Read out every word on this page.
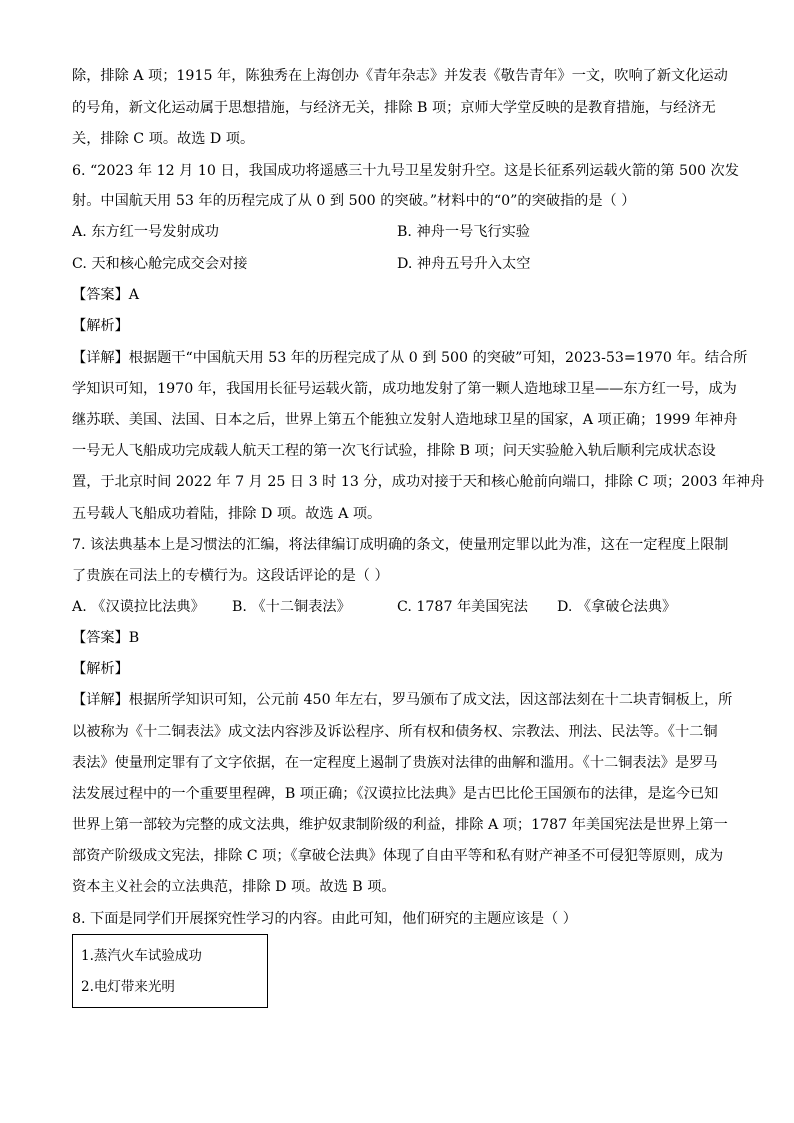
除，排除 A 项；1915 年，陈独秀在上海创办《青年杂志》并发表《敬告青年》一文，吹响了新文化运动
的号角，新文化运动属于思想措施，与经济无关，排除 B 项；京师大学堂反映的是教育措施，与经济无
关，排除 C 项。故选 D 项。
6. “2023 年 12 月 10 日，我国成功将遥感三十九号卫星发射升空。这是长征系列运载火箭的第 500 次发
射。中国航天用 53 年的历程完成了从 0 到 500 的突破。”材料中的“0”的突破指的是（ ）
A. 东方红一号发射成功	B. 神舟一号飞行实验
C. 天和核心舱完成交会对接	D. 神舟五号升入太空
【答案】A
【解析】
【详解】根据题干“中国航天用 53 年的历程完成了从 0 到 500 的突破”可知，2023-53=1970 年。结合所
学知识可知，1970 年，我国用长征号运载火箭，成功地发射了第一颗人造地球卫星——东方红一号，成为
继苏联、美国、法国、日本之后，世界上第五个能独立发射人造地球卫星的国家，A 项正确；1999 年神舟
一号无人飞船成功完成载人航天工程的第一次飞行试验，排除 B 项；问天实验舱入轨后顺利完成状态设
置，于北京时间 2022 年 7 月 25 日 3 时 13 分，成功对接于天和核心舱前向端口，排除 C 项；2003 年神舟
五号载人飞船成功着陆，排除 D 项。故选 A 项。
7. 该法典基本上是习惯法的汇编，将法律编订成明确的条文，使量刑定罪以此为准，这在一定程度上限制
了贵族在司法上的专横行为。这段话评论的是（ ）
A. 《汉谟拉比法典》 B. 《十二铜表法》	C. 1787 年美国宪法 D. 《拿破仑法典》
【答案】B
【解析】
【详解】根据所学知识可知，公元前 450 年左右，罗马颁布了成文法，因这部法刻在十二块青铜板上，所
以被称为《十二铜表法》成文法内容涉及诉讼程序、所有权和债务权、宗教法、刑法、民法等。《十二铜
表法》使量刑定罪有了文字依据，在一定程度上遏制了贵族对法律的曲解和滥用。《十二铜表法》是罗马
法发展过程中的一个重要里程碑，B 项正确；《汉谟拉比法典》是古巴比伦王国颁布的法律，是迄今已知
世界上第一部较为完整的成文法典，维护奴隶制阶级的利益，排除 A 项；1787 年美国宪法是世界上第一
部资产阶级成文宪法，排除 C 项；《拿破仑法典》体现了自由平等和私有财产神圣不可侵犯等原则，成为
资本主义社会的立法典范，排除 D 项。故选 B 项。
8. 下面是同学们开展探究性学习的内容。由此可知，他们研究的主题应该是（ ）
1.蒸汽火车试验成功
2.电灯带来光明
